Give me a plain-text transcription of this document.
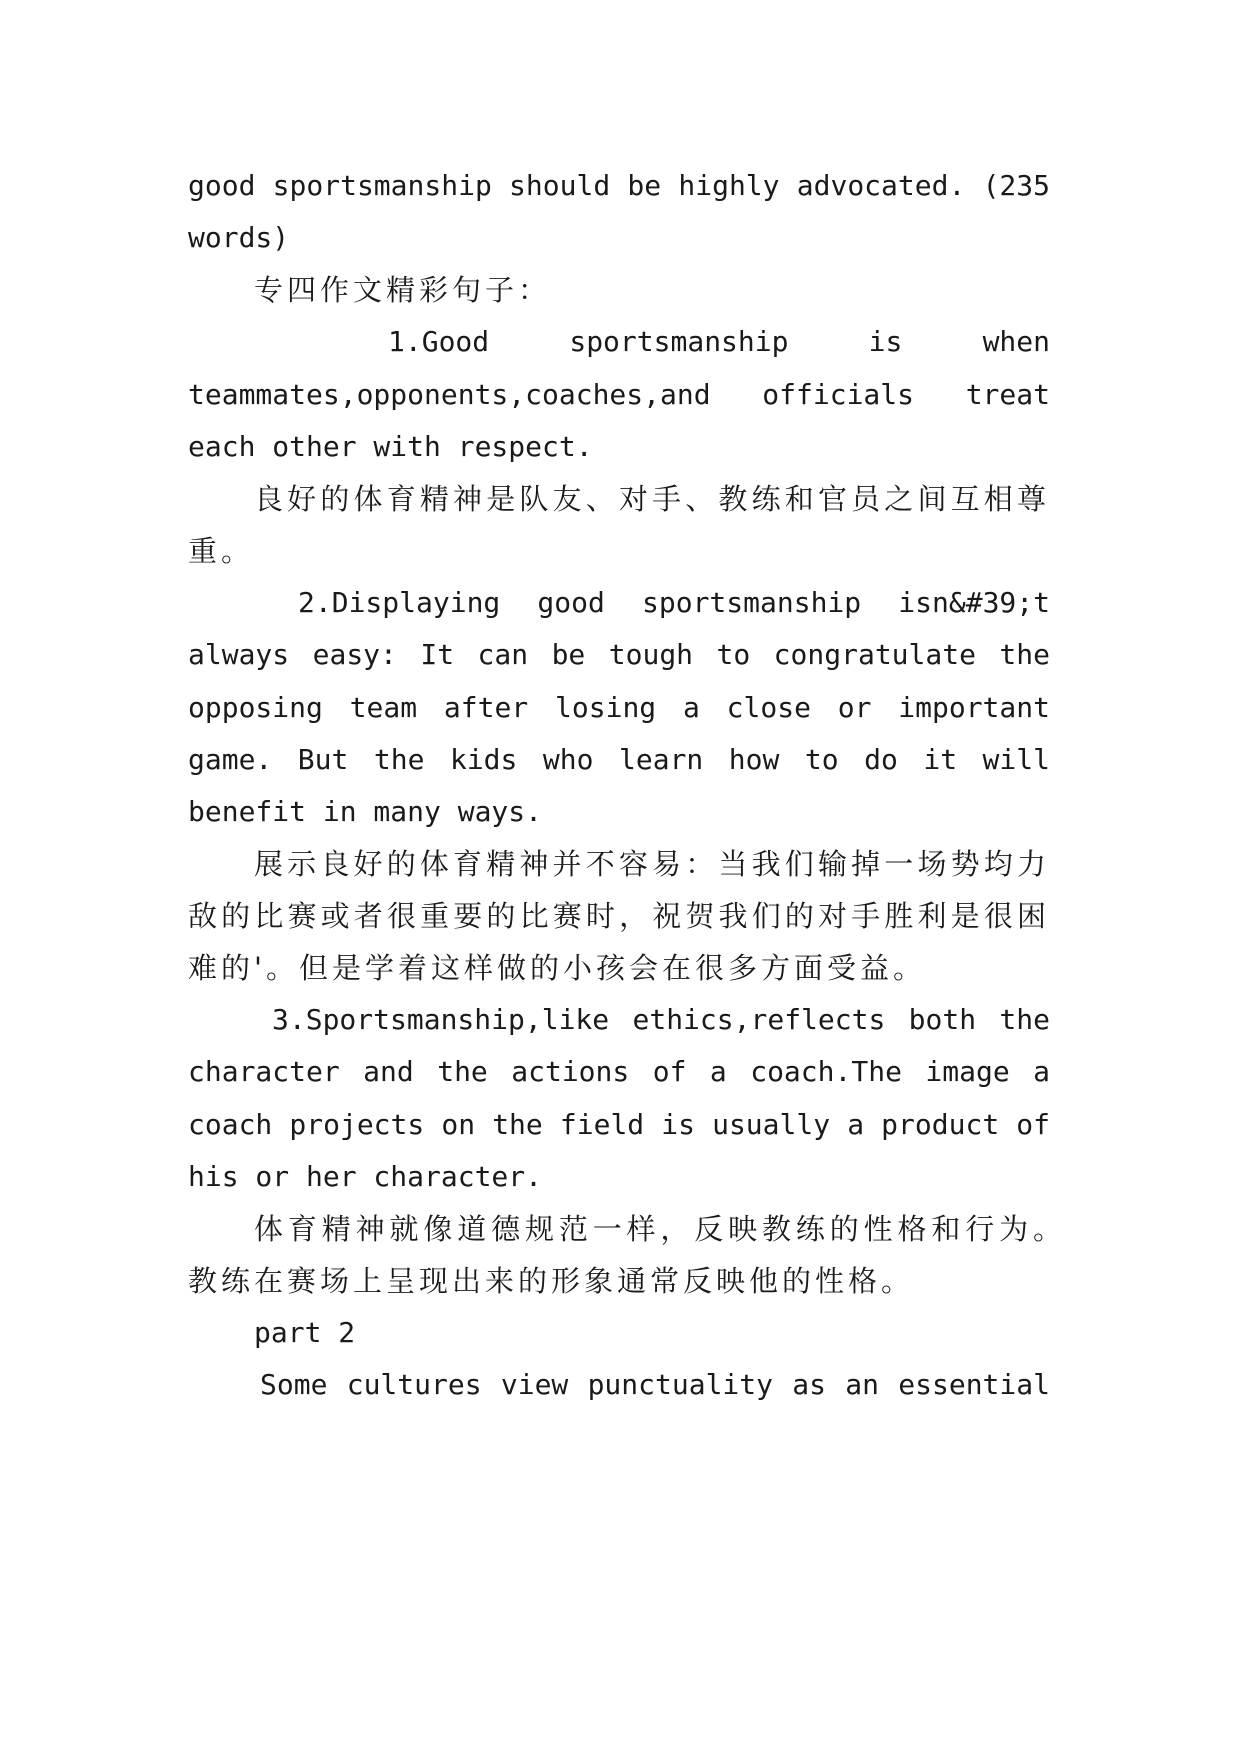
good sportsmanship should be highly advocated. (235
words)
专四作文精彩句子：
1.Good sportsmanship is when
teammates,opponents,coaches,and officials treat
each other with respect.
良好的体育精神是队友、对手、教练和官员之间互相尊
重。
2.Displaying good sportsmanship isn&#39;t
always easy: It can be tough to congratulate the
opposing team after losing a close or important
game. But the kids who learn how to do it will
benefit in many ways.
展示良好的体育精神并不容易：当我们输掉一场势均力
敌的比赛或者很重要的比赛时，祝贺我们的对手胜利是很困
难的'。但是学着这样做的小孩会在很多方面受益。
3.Sportsmanship,like ethics,reflects both the
character and the actions of a coach.The image a
coach projects on the field is usually a product of
his or her character.
体育精神就像道德规范一样，反映教练的性格和行为。
教练在赛场上呈现出来的形象通常反映他的性格。
part 2
Some cultures view punctuality as an essential
